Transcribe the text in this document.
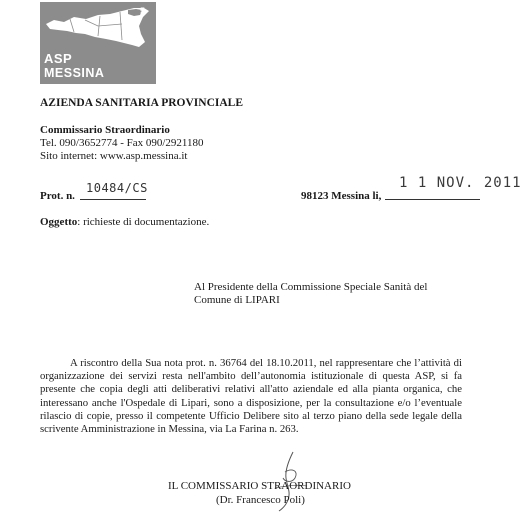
5
ASP
MESSINA
AZIENDA SANITARIA PROVINCIALE
Commissario Straordinario
Tel. 090/3652774 - Fax 090/2921180
Sito internet: www.asp.messina.it
Prot. n.
10484/CS
98123 Messina li,
1 1 NOV. 2011
Oggetto: richieste di documentazione.
Al Presidente della Commissione Speciale Sanità del
Comune di LIPARI
A riscontro della Sua nota prot. n. 36764 del 18.10.2011, nel rappresentare che l’attività di organizzazione dei servizi resta nell'ambito dell’autonomia istituzionale di questa ASP, si fa presente che copia degli atti deliberativi relativi all'atto aziendale ed alla pianta organica, che interessano anche l'Ospedale di Lipari, sono a disposizione, per la consultazione e/o l’eventuale rilascio di copie, presso il competente Ufficio Delibere sito al terzo piano della sede legale della scrivente Amministrazione in Messina, via La Farina n. 263.
IL COMMISSARIO STRAORDINARIO
(Dr. Francesco Poli)
